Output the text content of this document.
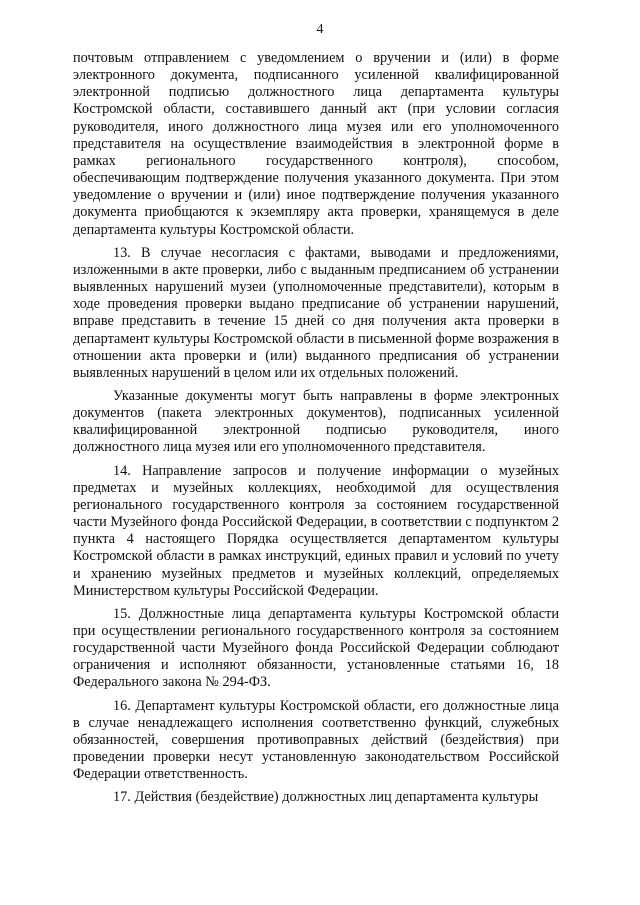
4

почтовым отправлением с уведомлением о вручении и (или) в форме электронного документа, подписанного усиленной квалифицированной электронной подписью должностного лица департамента культуры Костромской области, составившего данный акт (при условии согласия руководителя, иного должностного лица музея или его уполномоченного представителя на осуществление взаимодействия в электронной форме в рамках регионального государственного контроля), способом, обеспечивающим подтверждение получения указанного документа. При этом уведомление о вручении и (или) иное подтверждение получения указанного документа приобщаются к экземпляру акта проверки, хранящемуся в деле департамента культуры Костромской области.

13. В случае несогласия с фактами, выводами и предложениями, изложенными в акте проверки, либо с выданным предписанием об устранении выявленных нарушений музеи (уполномоченные представители), которым в ходе проведения проверки выдано предписание об устранении нарушений, вправе представить в течение 15 дней со дня получения акта проверки в департамент культуры Костромской области в письменной форме возражения в отношении акта проверки и (или) выданного предписания об устранении выявленных нарушений в целом или их отдельных положений.

Указанные документы могут быть направлены в форме электронных документов (пакета электронных документов), подписанных усиленной квалифицированной электронной подписью руководителя, иного должностного лица музея или его уполномоченного представителя.

14. Направление запросов и получение информации о музейных предметах и музейных коллекциях, необходимой для осуществления регионального государственного контроля за состоянием государственной части Музейного фонда Российской Федерации, в соответствии с подпунктом 2 пункта 4 настоящего Порядка осуществляется департаментом культуры Костромской области в рамках инструкций, единых правил и условий по учету и хранению музейных предметов и музейных коллекций, определяемых Министерством культуры Российской Федерации.

15. Должностные лица департамента культуры Костромской области при осуществлении регионального государственного контроля за состоянием государственной части Музейного фонда Российской Федерации соблюдают ограничения и исполняют обязанности, установленные статьями 16, 18 Федерального закона № 294-ФЗ.

16. Департамент культуры Костромской области, его должностные лица в случае ненадлежащего исполнения соответственно функций, служебных обязанностей, совершения противоправных действий (бездействия) при проведении проверки несут установленную законодательством Российской Федерации ответственность.

17. Действия (бездействие) должностных лиц департамента культуры
